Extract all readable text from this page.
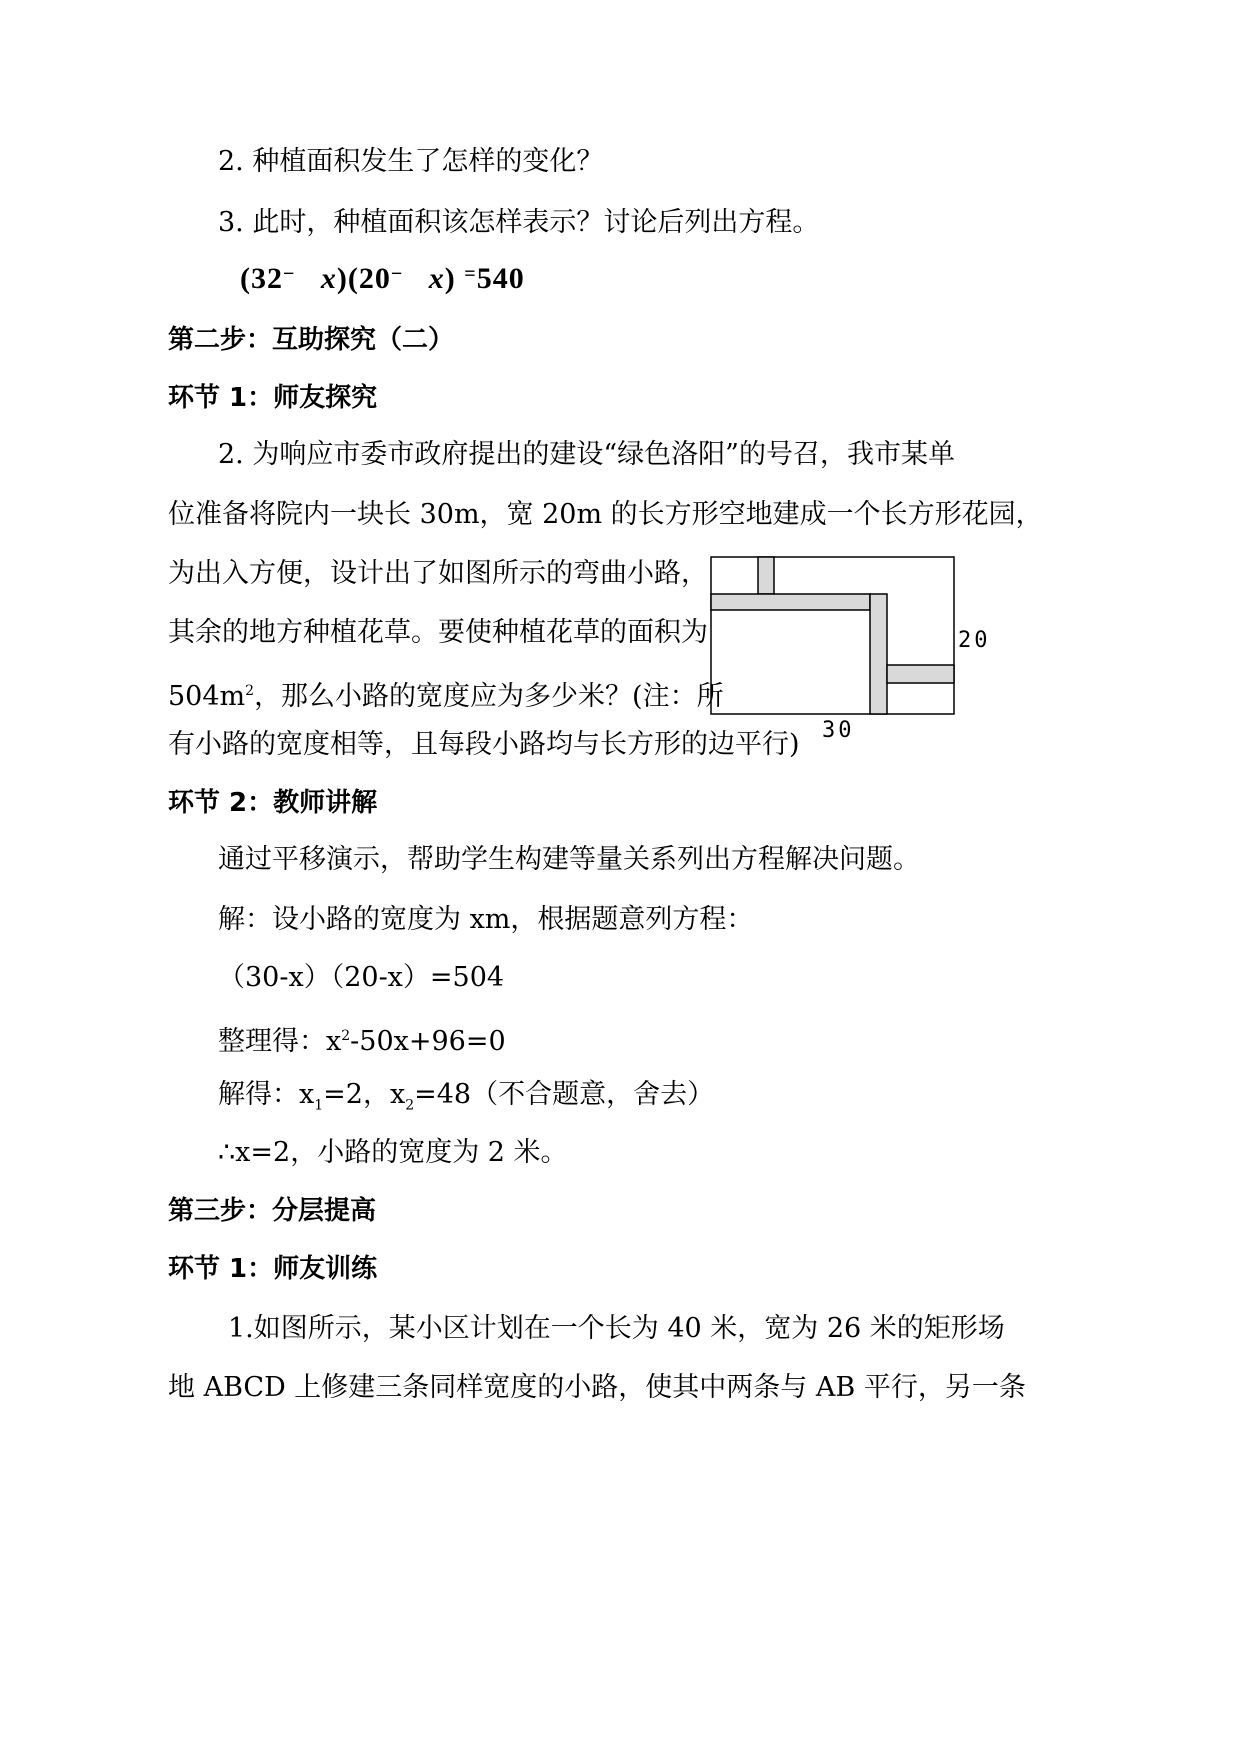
2. 种植面积发生了怎样的变化？
3. 此时，种植面积该怎样表示？讨论后列出方程。
(32− x)(20− x) =540
第二步：互助探究（二）
环节 1：师友探究
2. 为响应市委市政府提出的建设“绿色洛阳”的号召，我市某单
位准备将院内一块长 30m，宽 20m 的长方形空地建成一个长方形花园，
为出入方便，设计出了如图所示的弯曲小路，
其余的地方种植花草。要使种植花草的面积为
$504m^2$，那么小路的宽度应为多少米？(注：所
有小路的宽度相等，且每段小路均与长方形的边平行)
20
30
环节 2：教师讲解
通过平移演示，帮助学生构建等量关系列出方程解决问题。
解：设小路的宽度为 xm，根据题意列方程：
（30-x）（20-x）=504
整理得：$x^2-50x+96=0$
解得：$x_1=2$，$x_2=48$（不合题意，舍去）
∴x=2，小路的宽度为 2 米。
第三步：分层提高
环节 1：师友训练
1.如图所示，某小区计划在一个长为 40 米，宽为 26 米的矩形场
地 ABCD 上修建三条同样宽度的小路，使其中两条与 AB 平行，另一条
